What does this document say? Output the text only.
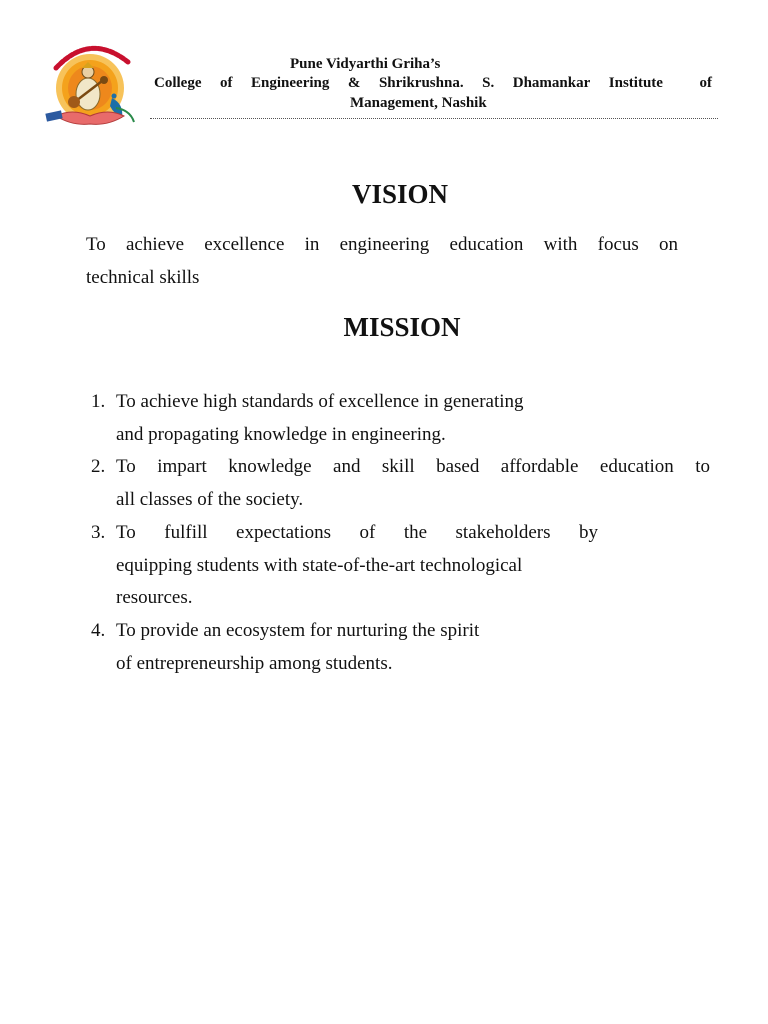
Pune Vidyarthi Griha’s
College of Engineering & Shrikrushna. S. Dhamankar Institute of
Management, Nashik
VISION
To achieve excellence in engineering education with focus on
technical skills
MISSION
1. To achieve high standards of excellence in generating
and propagating knowledge in engineering.
2. To impart knowledge and skill based affordable education to
all classes of the society.
3. To fulfill expectations of the stakeholders by
equipping students with state-of-the-art technological
resources.
4. To provide an ecosystem for nurturing the spirit
of entrepreneurship among students.
